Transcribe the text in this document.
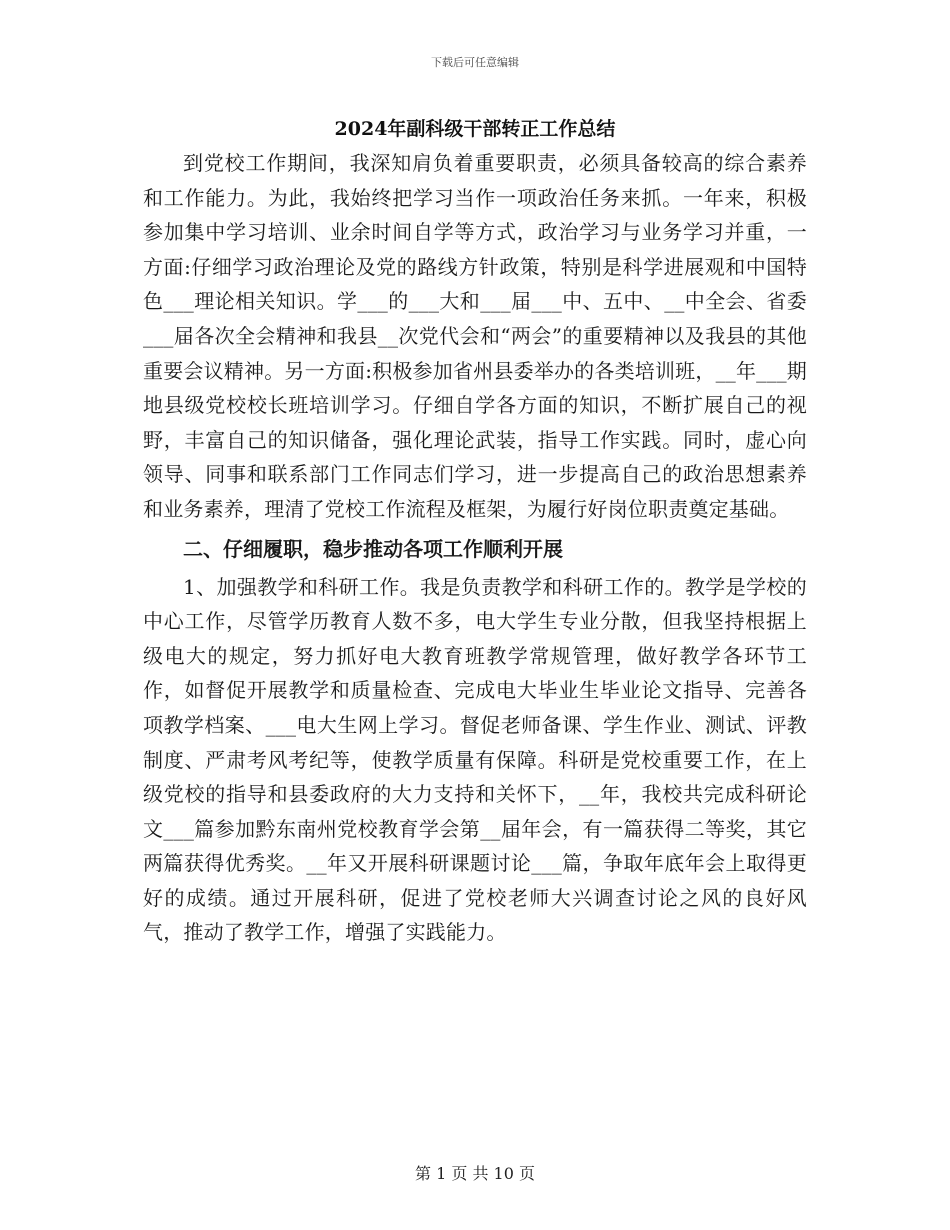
下载后可任意编辑
2024年副科级干部转正工作总结

到党校工作期间，我深知肩负着重要职责，必须具备较高的综合素养和工作能力。为此，我始终把学习当作一项政治任务来抓。一年来，积极参加集中学习培训、业余时间自学等方式，政治学习与业务学习并重，一方面:仔细学习政治理论及党的路线方针政策，特别是科学进展观和中国特色___理论相关知识。学___的___大和___届___中、五中、__中全会、省委___届各次全会精神和我县__次党代会和“两会”的重要精神以及我县的其他重要会议精神。另一方面:积极参加省州县委举办的各类培训班，__年___期地县级党校校长班培训学习。仔细自学各方面的知识，不断扩展自己的视野，丰富自己的知识储备，强化理论武装，指导工作实践。同时，虚心向领导、同事和联系部门工作同志们学习，进一步提高自己的政治思想素养和业务素养，理清了党校工作流程及框架，为履行好岗位职责奠定基础。

二、仔细履职，稳步推动各项工作顺利开展

1、加强教学和科研工作。我是负责教学和科研工作的。教学是学校的中心工作，尽管学历教育人数不多，电大学生专业分散，但我坚持根据上级电大的规定，努力抓好电大教育班教学常规管理，做好教学各环节工作，如督促开展教学和质量检查、完成电大毕业生毕业论文指导、完善各项教学档案、___电大生网上学习。督促老师备课、学生作业、测试、评教制度、严肃考风考纪等，使教学质量有保障。科研是党校重要工作，在上级党校的指导和县委政府的大力支持和关怀下，__年，我校共完成科研论文___篇参加黔东南州党校教育学会第__届年会，有一篇获得二等奖，其它两篇获得优秀奖。__年又开展科研课题讨论___篇，争取年底年会上取得更好的成绩。通过开展科研，促进了党校老师大兴调查讨论之风的良好风气，推动了教学工作，增强了实践能力。

第 1 页 共 10 页
